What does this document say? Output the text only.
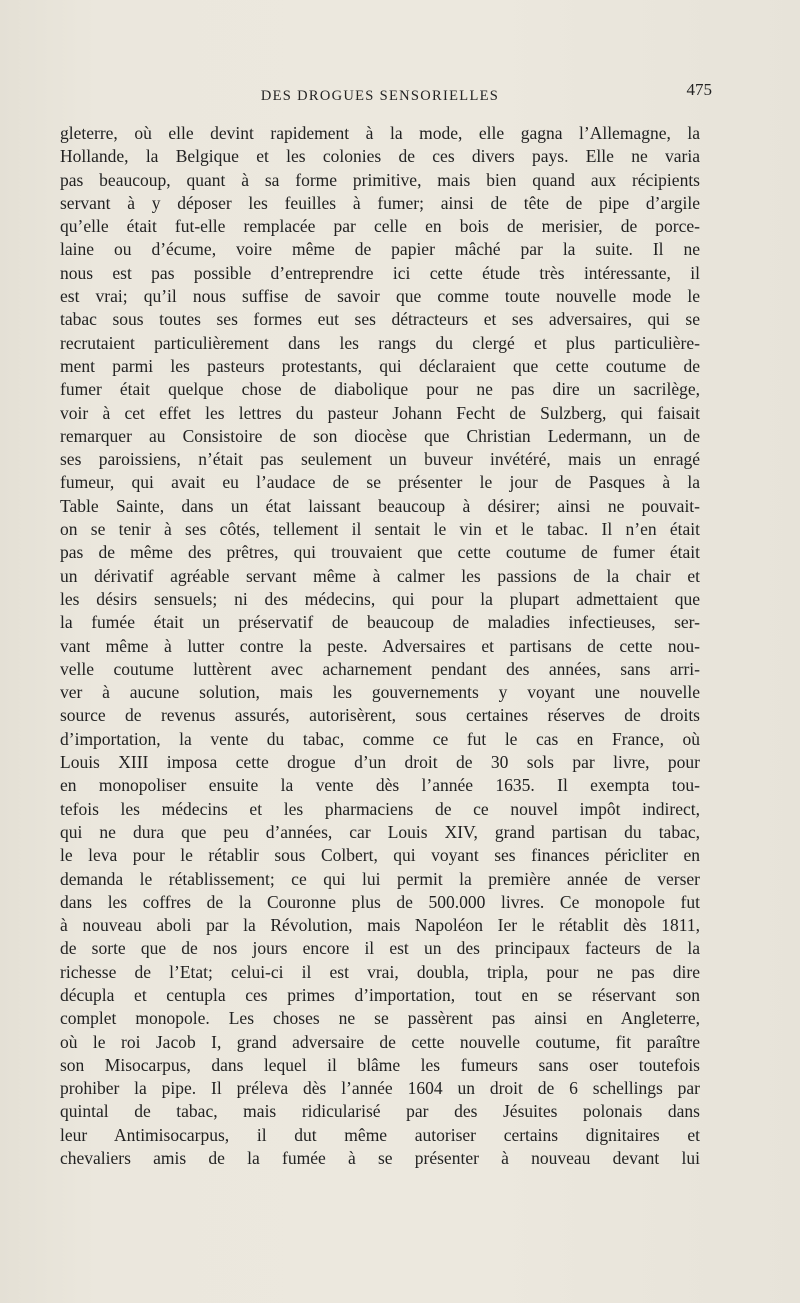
DES DROGUES SENSORIELLES	475
gleterre, où elle devint rapidement à la mode, elle gagna l’Allemagne, la
Hollande, la Belgique et les colonies de ces divers pays. Elle ne varia
pas beaucoup, quant à sa forme primitive, mais bien quand aux récipients
servant à y déposer les feuilles à fumer; ainsi de tête de pipe d’argile
qu’elle était fut-elle remplacée par celle en bois de merisier, de porce-
laine ou d’écume, voire même de papier mâché par la suite. Il ne
nous est pas possible d’entreprendre ici cette étude très intéressante, il
est vrai; qu’il nous suffise de savoir que comme toute nouvelle mode le
tabac sous toutes ses formes eut ses détracteurs et ses adversaires, qui se
recrutaient particulièrement dans les rangs du clergé et plus particulière-
ment parmi les pasteurs protestants, qui déclaraient que cette coutume de
fumer était quelque chose de diabolique pour ne pas dire un sacrilège,
voir à cet effet les lettres du pasteur Johann Fecht de Sulzberg, qui faisait
remarquer au Consistoire de son diocèse que Christian Ledermann, un de
ses paroissiens, n’était pas seulement un buveur invétéré, mais un enragé
fumeur, qui avait eu l’audace de se présenter le jour de Pasques à la
Table Sainte, dans un état laissant beaucoup à désirer; ainsi ne pouvait-
on se tenir à ses côtés, tellement il sentait le vin et le tabac. Il n’en était
pas de même des prêtres, qui trouvaient que cette coutume de fumer était
un dérivatif agréable servant même à calmer les passions de la chair et
les désirs sensuels; ni des médecins, qui pour la plupart admettaient que
la fumée était un préservatif de beaucoup de maladies infectieuses, ser-
vant même à lutter contre la peste. Adversaires et partisans de cette nou-
velle coutume luttèrent avec acharnement pendant des années, sans arri-
ver à aucune solution, mais les gouvernements y voyant une nouvelle
source de revenus assurés, autorisèrent, sous certaines réserves de droits
d’importation, la vente du tabac, comme ce fut le cas en France, où
Louis XIII imposa cette drogue d’un droit de 30 sols par livre, pour
en monopoliser ensuite la vente dès l’année 1635. Il exempta tou-
tefois les médecins et les pharmaciens de ce nouvel impôt indirect,
qui ne dura que peu d’années, car Louis XIV, grand partisan du tabac,
le leva pour le rétablir sous Colbert, qui voyant ses finances péricliter en
demanda le rétablissement; ce qui lui permit la première année de verser
dans les coffres de la Couronne plus de 500.000 livres. Ce monopole fut
à nouveau aboli par la Révolution, mais Napoléon Ier le rétablit dès 1811,
de sorte que de nos jours encore il est un des principaux facteurs de la
richesse de l’Etat; celui-ci il est vrai, doubla, tripla, pour ne pas dire
décupla et centupla ces primes d’importation, tout en se réservant son
complet monopole. Les choses ne se passèrent pas ainsi en Angleterre,
où le roi Jacob I, grand adversaire de cette nouvelle coutume, fit paraître
son Misocarpus, dans lequel il blâme les fumeurs sans oser toutefois
prohiber la pipe. Il préleva dès l’année 1604 un droit de 6 schellings par
quintal de tabac, mais ridicularisé par des Jésuites polonais dans
leur Antimisocarpus, il dut même autoriser certains dignitaires et
chevaliers amis de la fumée à se présenter à nouveau devant lui
